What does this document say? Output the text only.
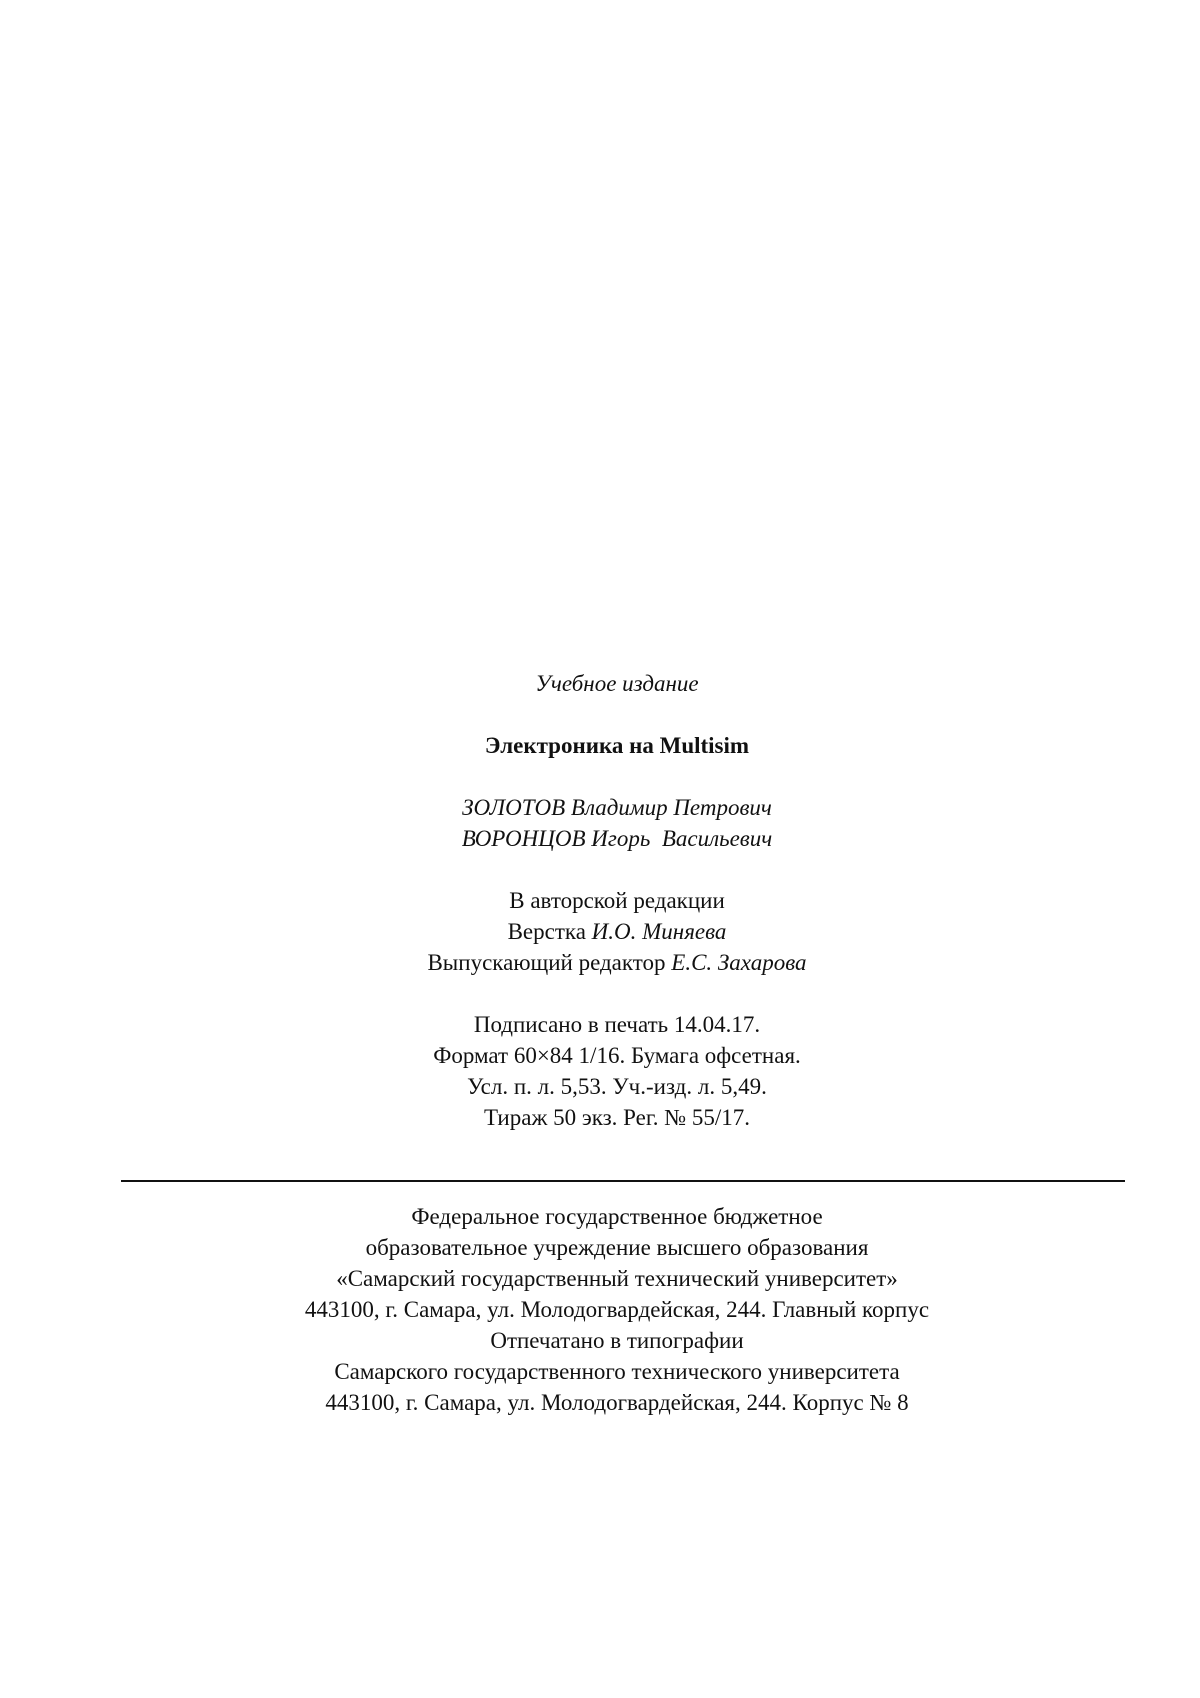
Учебное издание
Электроника на Multisim
ЗОЛОТОВ Владимир Петрович
ВОРОНЦОВ Игорь  Васильевич
В авторской редакции
Верстка И.О. Миняева
Выпускающий редактор Е.С. Захарова
Подписано в печать 14.04.17.
Формат 60×84 1/16. Бумага офсетная.
Усл. п. л. 5,53. Уч.-изд. л. 5,49.
Тираж 50 экз. Рег. № 55/17.
Федеральное государственное бюджетное
образовательное учреждение высшего образования
«Самарский государственный технический университет»
443100, г. Самара, ул. Молодогвардейская, 244. Главный корпус
Отпечатано в типографии
Самарского государственного технического университета
443100, г. Самара, ул. Молодогвардейская, 244. Корпус № 8
